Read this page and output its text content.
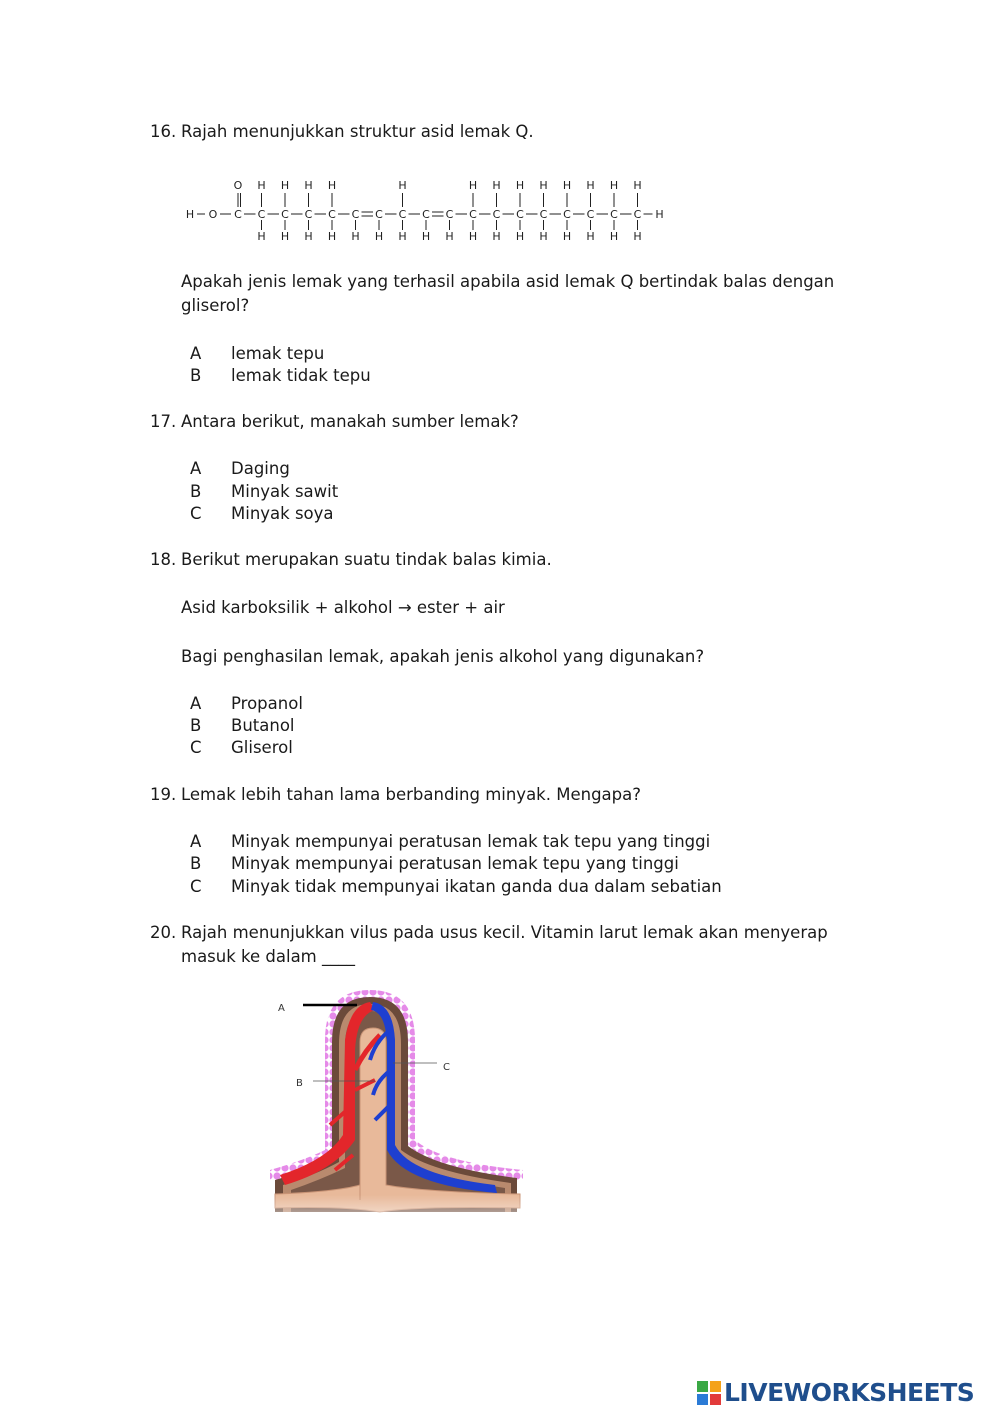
16. Rajah menunjukkan struktur asid lemak Q.
H O C
O
C
H
H
C
H
H
C
H
H
C
H
H
C
H
C
H
C
H
H
C
H
C
H
C
H
H
C
H
H
C
H
H
C
H
H
C
H
H
C
H
H
C
H
H
C
H
H
H
Apakah jenis lemak yang terhasil apabila asid lemak Q bertindak balas dengan
gliserol?
A lemak tepu
B lemak tidak tepu
17. Antara berikut, manakah sumber lemak?
A Daging
B Minyak sawit
C Minyak soya
18. Berikut merupakan suatu tindak balas kimia.
Asid karboksilik + alkohol → ester + air
Bagi penghasilan lemak, apakah jenis alkohol yang digunakan?
A Propanol
B Butanol
C Gliserol
19. Lemak lebih tahan lama berbanding minyak. Mengapa?
A Minyak mempunyai peratusan lemak tak tepu yang tinggi
B Minyak mempunyai peratusan lemak tepu yang tinggi
C Minyak tidak mempunyai ikatan ganda dua dalam sebatian
20. Rajah menunjukkan vilus pada usus kecil. Vitamin larut lemak akan menyerap
masuk ke dalam ____
A
B
C
LIVEWORKSHEETS
